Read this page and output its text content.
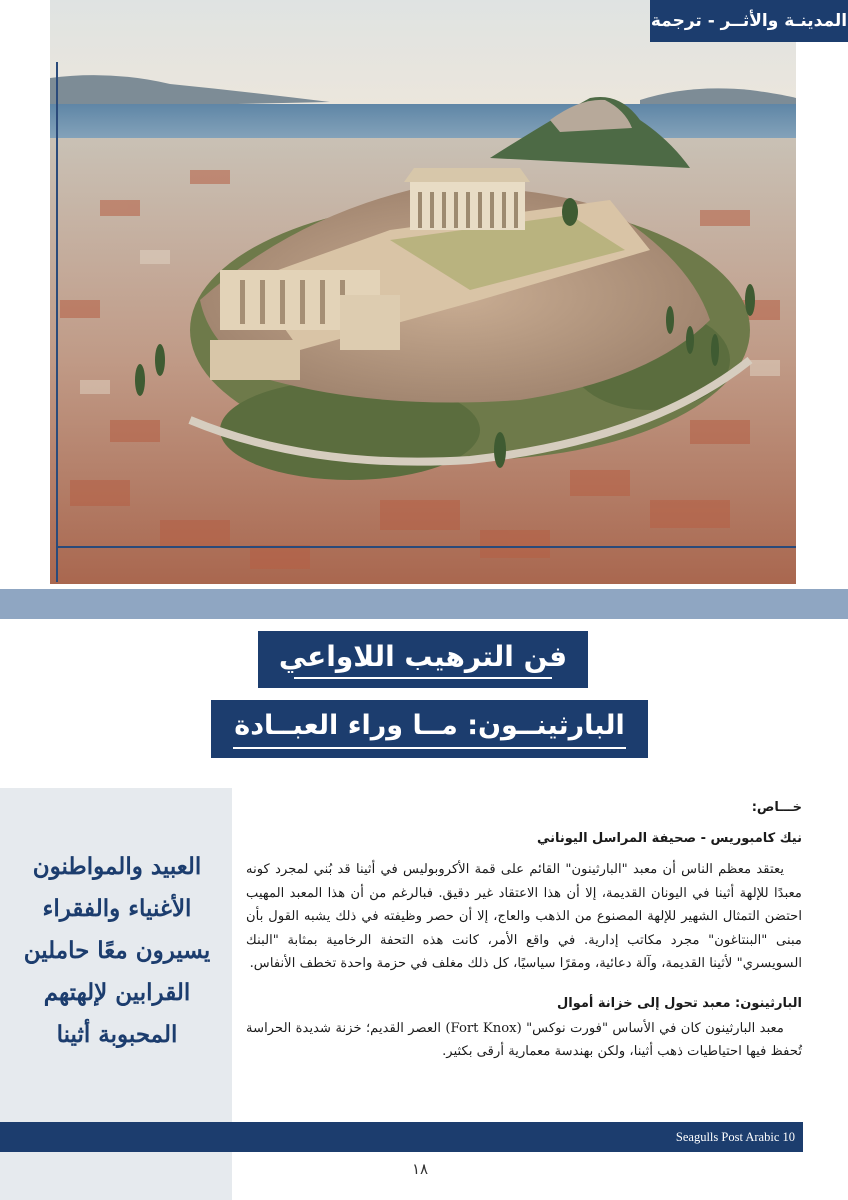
المدينـة والأثــر - ترجمة
فن الترهيب اللاواعي
البارثينــون: مــا وراء العبــادة
العبيد والمواطنون الأغنياء والفقراء يسيرون معًا حاملين القرابين لإلهتهم المحبوبة أثينا
خـــاص:
نيك كامبوريس - صحيفة المراسل اليوناني

يعتقد معظم الناس أن معبد "البارثينون" القائم على قمة الأكروبوليس في أثينا قد بُني لمجرد كونه معبدًا للإلهة أثينا في اليونان القديمة، إلا أن هذا الاعتقاد غير دقيق. فبالرغم من أن هذا المعبد المهيب احتضن التمثال الشهير للإلهة المصنوع من الذهب والعاج، إلا أن حصر وظيفته في ذلك يشبه القول بأن مبنى "البنتاغون" مجرد مكاتب إدارية. في واقع الأمر، كانت هذه التحفة الرخامية بمثابة "البنك السويسري" لأثينا القديمة، وآلة دعائية، ومقرًا سياسيًا، كل ذلك مغلف في حزمة واحدة تخطف الأنفاس.

البارثينون: معبد تحول إلى خزانة أموال

معبد البارثينون كان في الأساس "فورت نوكس" (Fort Knox) العصر القديم؛ خزنة شديدة الحراسة تُحفظ فيها احتياطيات ذهب أثينا، ولكن بهندسة معمارية أرقى بكثير.

Seagulls Post Arabic 10
١٨
